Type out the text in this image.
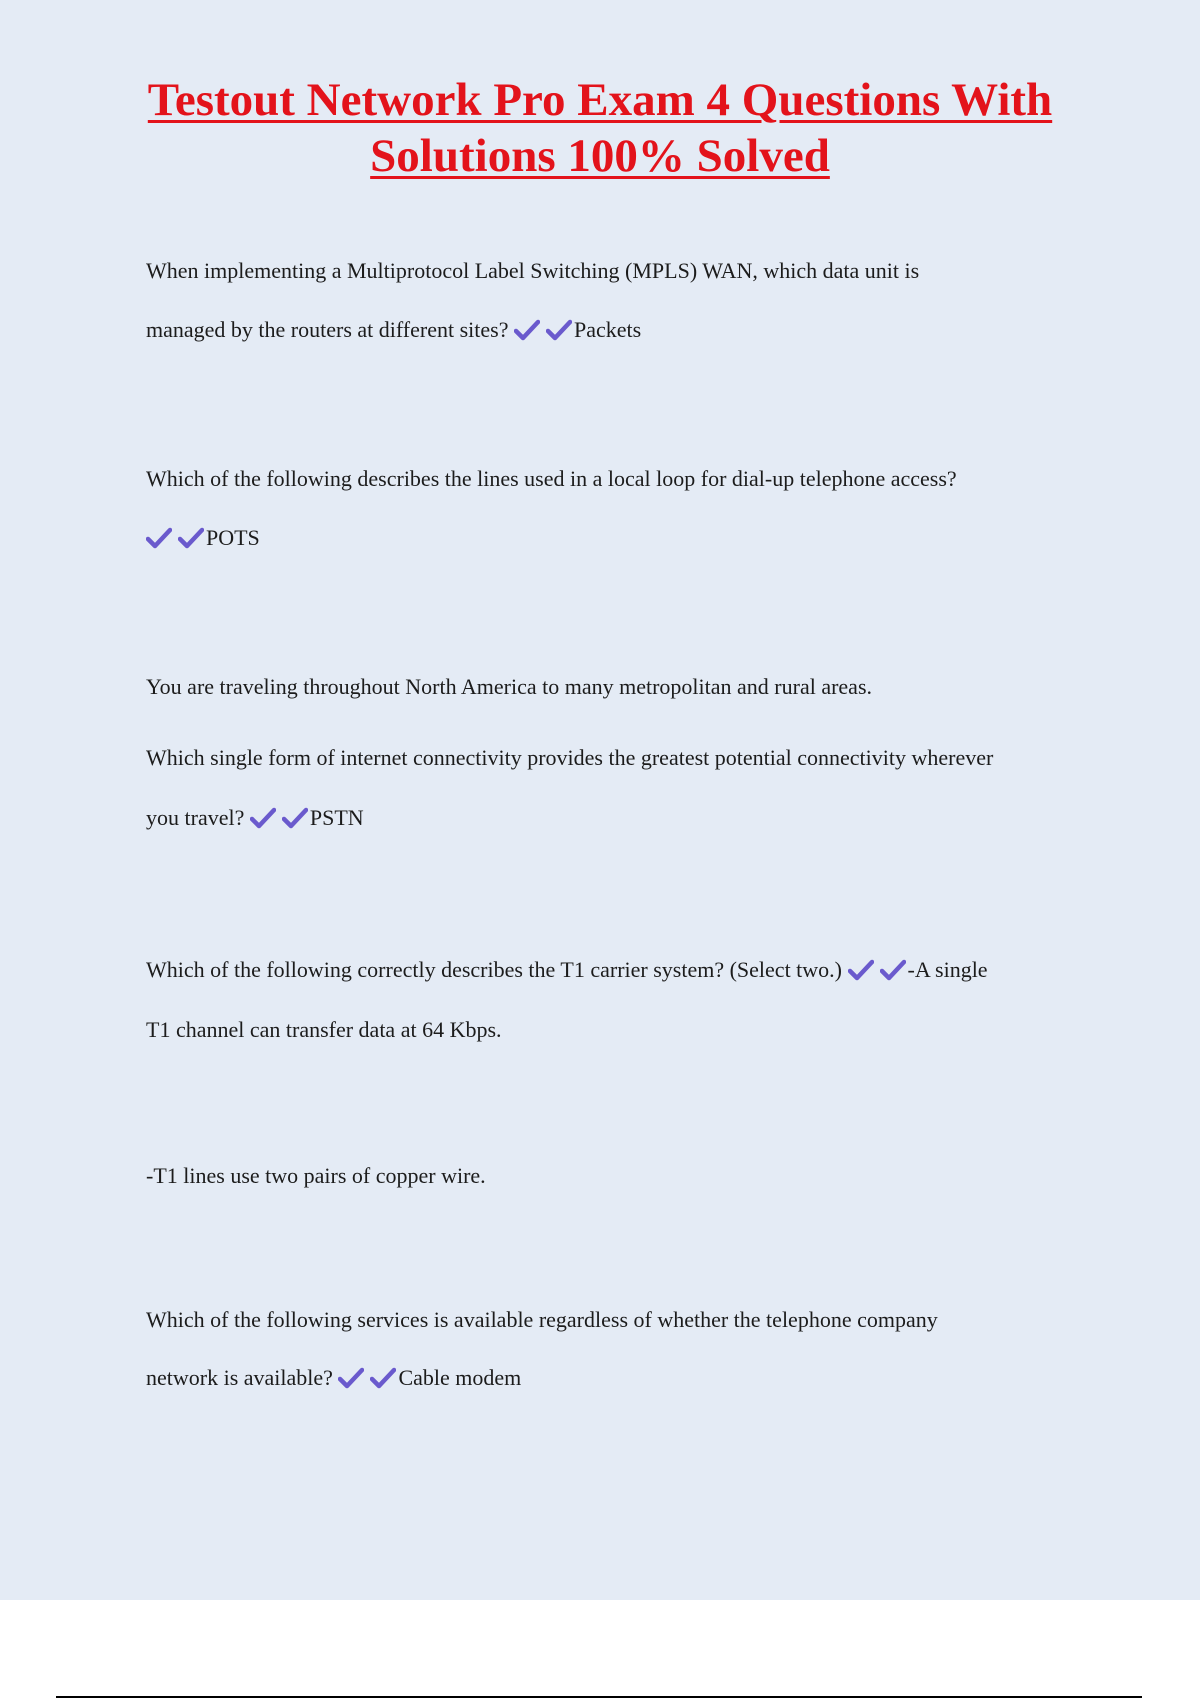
Testout Network Pro Exam 4 Questions With
Solutions 100% Solved

When implementing a Multiprotocol Label Switching (MPLS) WAN, which data unit is

managed by the routers at different sites?	Packets

Which of the following describes the lines used in a local loop for dial-up telephone access?

POTS

You are traveling throughout North America to many metropolitan and rural areas.

Which single form of internet connectivity provides the greatest potential connectivity wherever

you travel?	PSTN

Which of the following correctly describes the T1 carrier system? (Select two.)	-A single

T1 channel can transfer data at 64 Kbps.

-T1 lines use two pairs of copper wire.

Which of the following services is available regardless of whether the telephone company

network is available?	Cable modem
